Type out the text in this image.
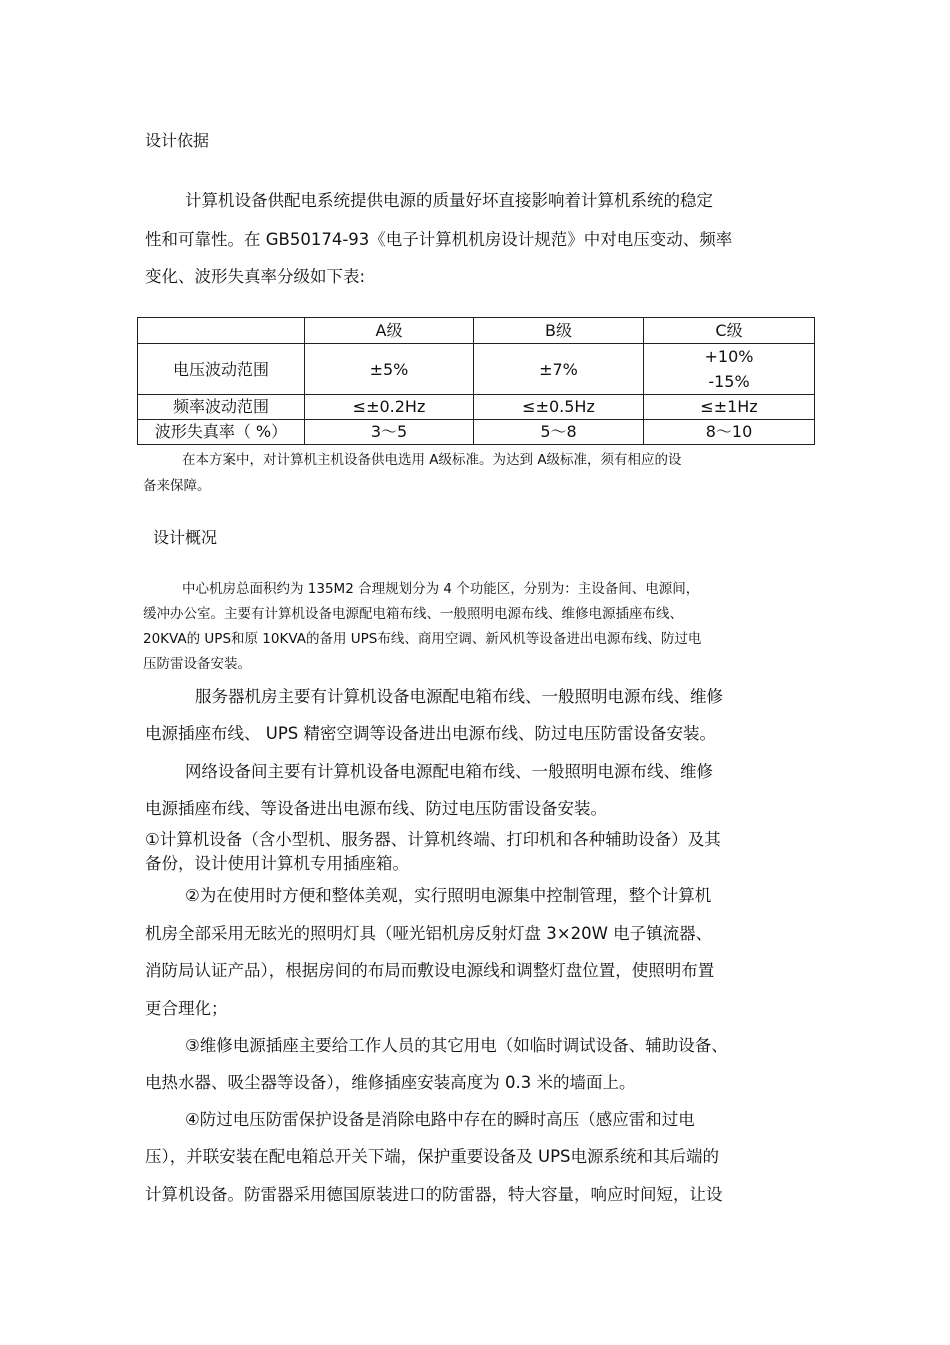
设计依据
计算机设备供配电系统提供电源的质量好坏直接影响着计算机系统的稳定
性和可靠性。在 GB50174-93《电子计算机机房设计规范》中对电压变动、频率
变化、波形失真率分级如下表:
	A级	B级	C级
电压波动范围	±5%	±7%	+10%
-15%

频率波动范围	≤±0.2Hz	≤±0.5Hz	≤±1Hz
波形失真率（ %）	3～5	5～8	8～10
在本方案中，对计算机主机设备供电选用 A级标准。为达到 A级标准，须有相应的设
备来保障。
设计概况
中心机房总面积约为 135M2 合理规划分为 4 个功能区，分别为：主设备间、电源间，
缓冲办公室。主要有计算机设备电源配电箱布线、一般照明电源布线、维修电源插座布线、
20KVA的 UPS和原 10KVA的备用 UPS布线、商用空调、新风机等设备进出电源布线、防过电
压防雷设备安装。
服务器机房主要有计算机设备电源配电箱布线、一般照明电源布线、维修
电源插座布线、 UPS 精密空调等设备进出电源布线、防过电压防雷设备安装。
网络设备间主要有计算机设备电源配电箱布线、一般照明电源布线、维修
电源插座布线、等设备进出电源布线、防过电压防雷设备安装。
①计算机设备（含小型机、服务器、计算机终端、打印机和各种辅助设备）及其
备份，设计使用计算机专用插座箱。
②为在使用时方便和整体美观，实行照明电源集中控制管理，整个计算机
机房全部采用无眩光的照明灯具（哑光铝机房反射灯盘 3×20W 电子镇流器、
消防局认证产品），根据房间的布局而敷设电源线和调整灯盘位置，使照明布置
更合理化；
③维修电源插座主要给工作人员的其它用电（如临时调试设备、辅助设备、
电热水器、吸尘器等设备），维修插座安装高度为 0.3 米的墙面上。
④防过电压防雷保护设备是消除电路中存在的瞬时高压（感应雷和过电
压），并联安装在配电箱总开关下端，保护重要设备及 UPS电源系统和其后端的
计算机设备。防雷器采用德国原装进口的防雷器，特大容量，响应时间短，让设
